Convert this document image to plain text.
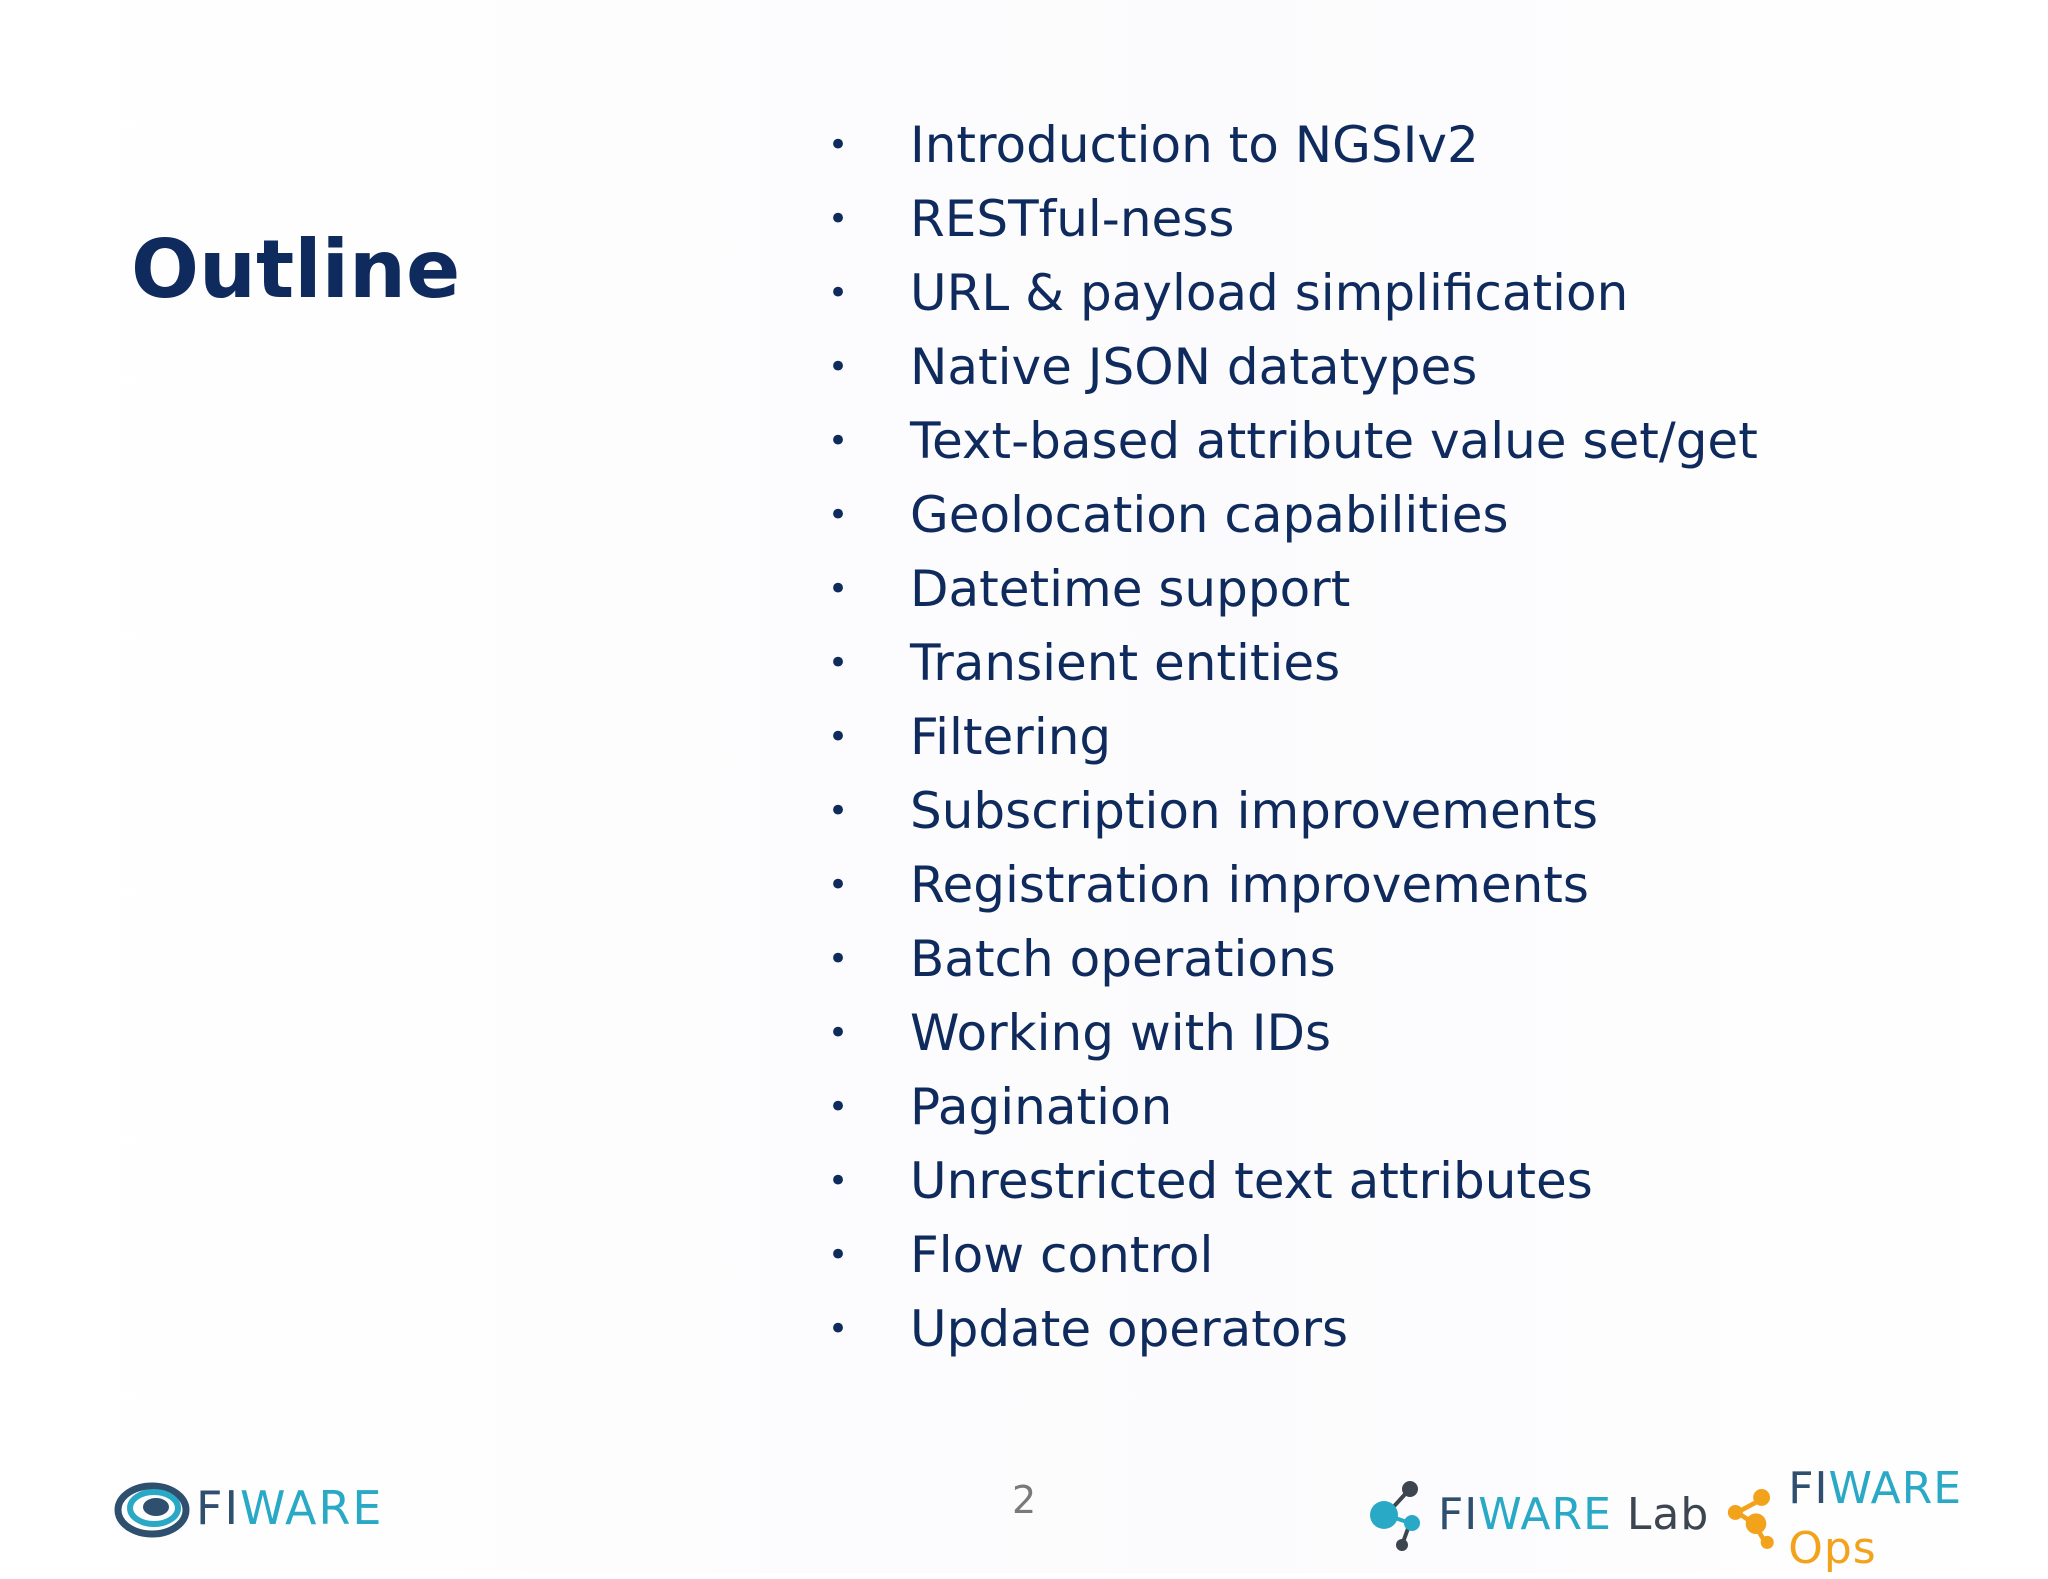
Outline
• Introduction to NGSIv2
• RESTful-ness
• URL & payload simplification
• Native JSON datatypes
• Text-based attribute value set/get
• Geolocation capabilities
• Datetime support
• Transient entities
• Filtering
• Subscription improvements
• Registration improvements
• Batch operations
• Working with IDs
• Pagination
• Unrestricted text attributes
• Flow control
• Update operators
FIWARE	2	FIWARE Lab
FIWARE Ops
